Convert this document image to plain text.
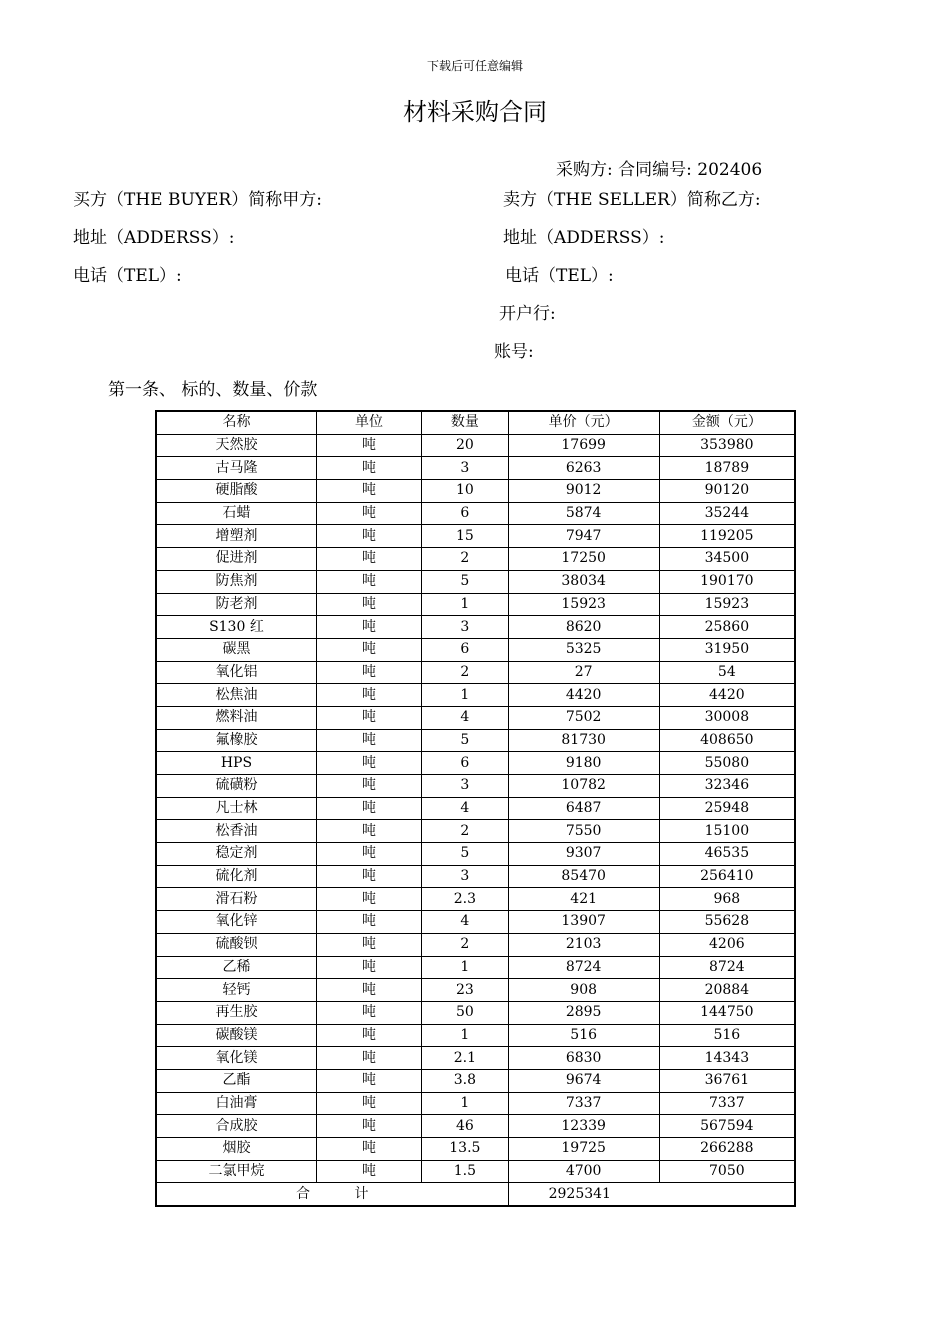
下载后可任意编辑
材料采购合同
采购方: 合同编号: 202406
买方（THE BUYER）简称甲方:	卖方（THE SELLER）简称乙方:
地址（ADDERSS）:	地址（ADDERSS）:
电话（TEL）:	电话（TEL）:
开户行:
账号:
第一条、 标的、数量、价款
名称	单位	数量	单价（元）	金额（元）
天然胶	吨	20	17699	353980
古马隆	吨	3	6263	18789
硬脂酸	吨	10	9012	90120
石蜡	吨	6	5874	35244
增塑剂	吨	15	7947	119205
促进剂	吨	2	17250	34500
防焦剂	吨	5	38034	190170
防老剂	吨	1	15923	15923
S130 红	吨	3	8620	25860
碳黑	吨	6	5325	31950
氧化铝	吨	2	27	54
松焦油	吨	1	4420	4420
燃料油	吨	4	7502	30008
氟橡胶	吨	5	81730	408650
HPS	吨	6	9180	55080
硫磺粉	吨	3	10782	32346
凡士林	吨	4	6487	25948
松香油	吨	2	7550	15100
稳定剂	吨	5	9307	46535
硫化剂	吨	3	85470	256410
滑石粉	吨	2.3	421	968
氧化锌	吨	4	13907	55628
硫酸钡	吨	2	2103	4206
乙稀	吨	1	8724	8724
轻钙	吨	23	908	20884
再生胶	吨	50	2895	144750
碳酸镁	吨	1	516	516
氧化镁	吨	2.1	6830	14343
乙酯	吨	3.8	9674	36761
白油膏	吨	1	7337	7337
合成胶	吨	46	12339	567594
烟胶	吨	13.5	19725	266288
二氯甲烷	吨	1.5	4700	7050
合          计			2925341	
